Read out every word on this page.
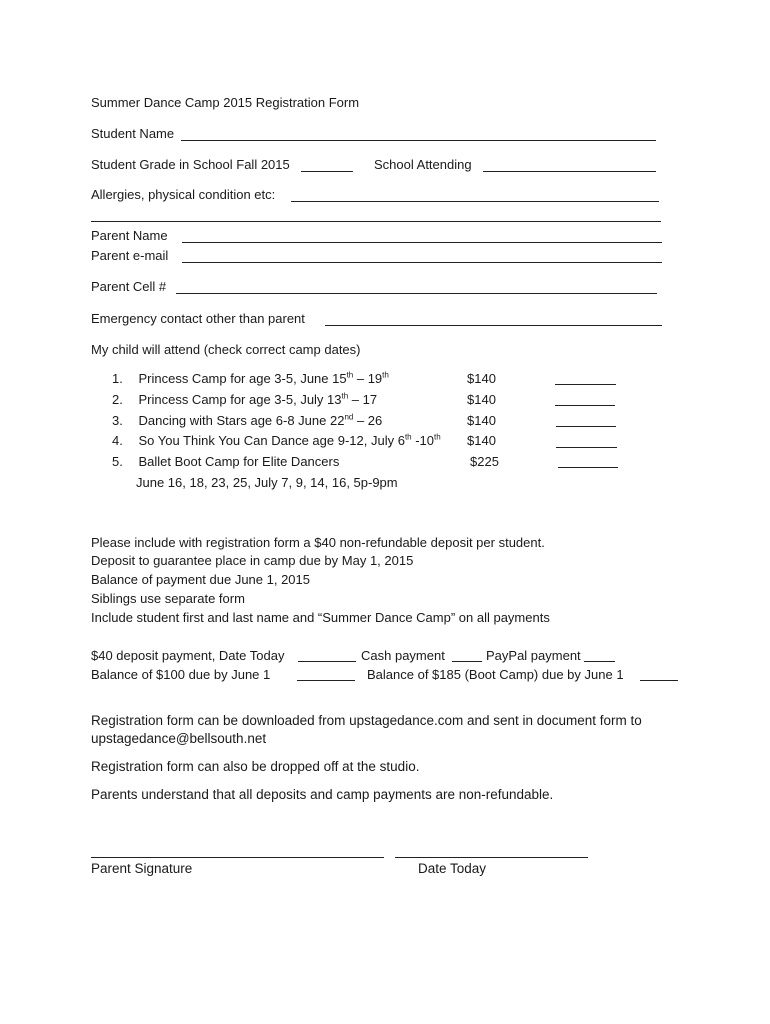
Summer Dance Camp 2015 Registration Form
Student Name
Student Grade in School Fall 2015	School Attending
Allergies, physical condition etc:
Parent Name
Parent e-mail
Parent Cell #
Emergency contact other than parent
My child will attend (check correct camp dates)
1. Princess Camp for age 3-5, June 15th – 19th	$140
2. Princess Camp for age 3-5, July 13th – 17	$140
3. Dancing with Stars age 6-8 June 22nd – 26	$140
4. So You Think You Can Dance age 9-12, July 6th -10th $140
5. Ballet Boot Camp for Elite Dancers	$225
June 16, 18, 23, 25, July 7, 9, 14, 16, 5p-9pm
Please include with registration form a $40 non-refundable deposit per student.
Deposit to guarantee place in camp due by May 1, 2015
Balance of payment due June 1, 2015
Siblings use separate form
Include student first and last name and “Summer Dance Camp” on all payments
$40 deposit payment, Date Today	Cash payment	PayPal payment
Balance of $100 due by June 1	Balance of $185 (Boot Camp) due by June 1
Registration form can be downloaded from upstagedance.com and sent in document form to
upstagedance@bellsouth.net
Registration form can also be dropped off at the studio.
Parents understand that all deposits and camp payments are non-refundable.
Parent Signature	Date Today
